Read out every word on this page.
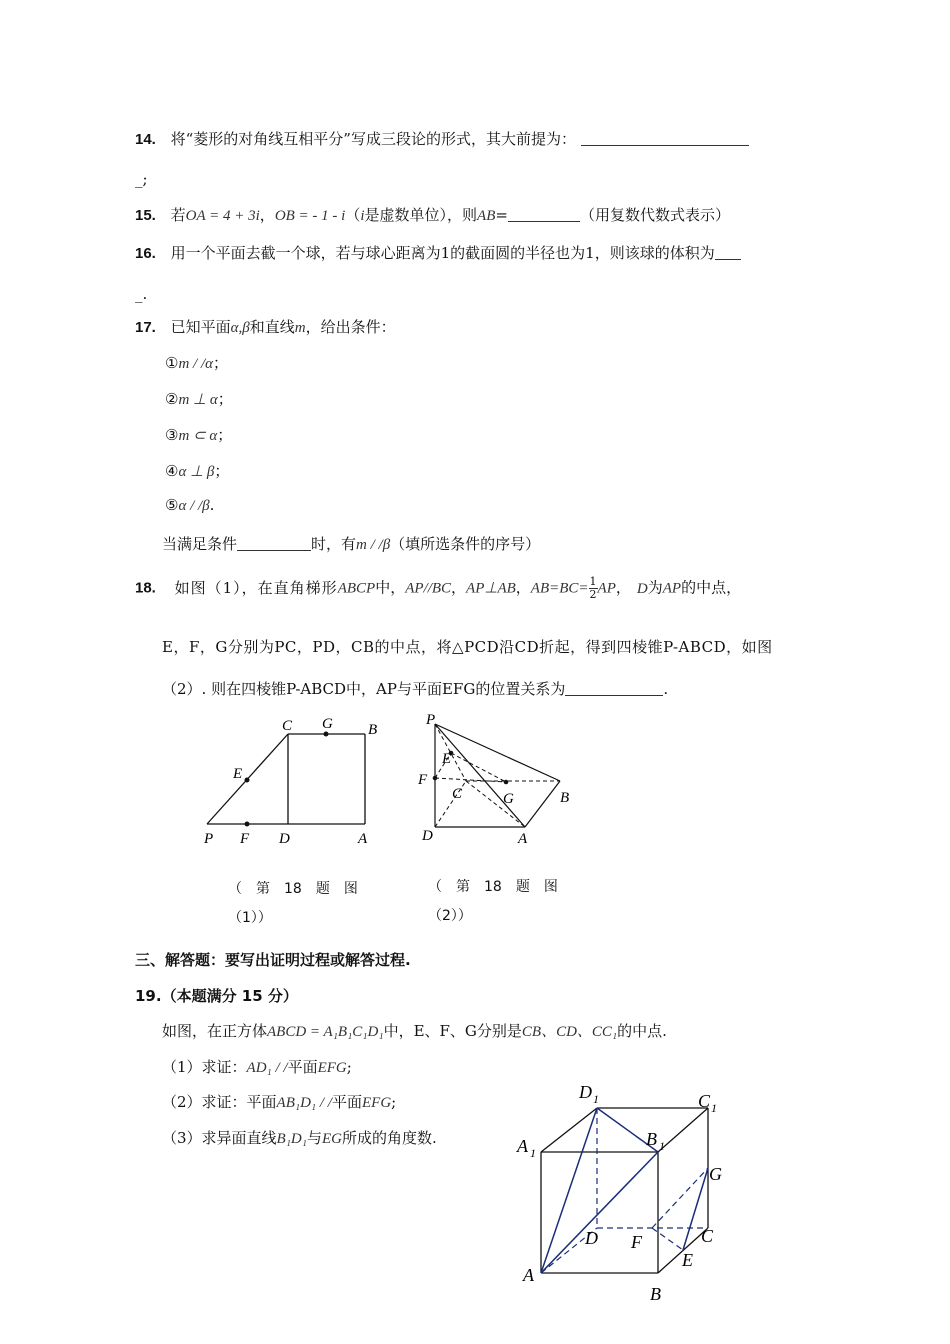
14. 将“菱形的对角线互相平分”写成三段论的形式，其大前提为：
_;
15. 若OA = 4 + 3i，OB = - 1 - i（i是虚数单位），则AB=	（用复数代数式表示）
16. 用一个平面去截一个球，若与球心距离为1的截面圆的半径也为1，则该球的体积为
_.
17. 已知平面α,β和直线m，给出条件：
①m / /α；
②m ⊥ α；
③m ⊂ α；
④α ⊥ β；
⑤α / /β.
当满足条件	时，有m / /β（填所选条件的序号）
18. 如图（1），在直角梯形ABCP中，AP//BC，AP⊥AB，$AB=BC= \frac{1}{2}$ AP， D为AP的中点，
E，F，G分别为PC，PD，CB的中点，将△PCD沿CD折起，得到四棱锥P-ABCD，如图
（2）. 则在四棱锥P-ABCD中，AP与平面EFG的位置关系为	.
C G B
E
P F D	A
P
E
F
C	G	B
D	A
（　第　18　题　图
（1））
（　第　18　题　图
（2））
三、解答题：要写出证明过程或解答过程.
19.（本题满分 15 分）
如图，在正方体ABCD = A₁B₁C₁D₁中，E、F、G分别是CB、CD、CC₁的中点.
（1）求证：AD₁ / /平面EFG;
（2）求证：平面AB₁D₁ / /平面EFG;
（3）求异面直线B₁D₁与EG所成的角度数.
D 1	C 1
A 1
B 1
G
D	C
F
E
A
B
